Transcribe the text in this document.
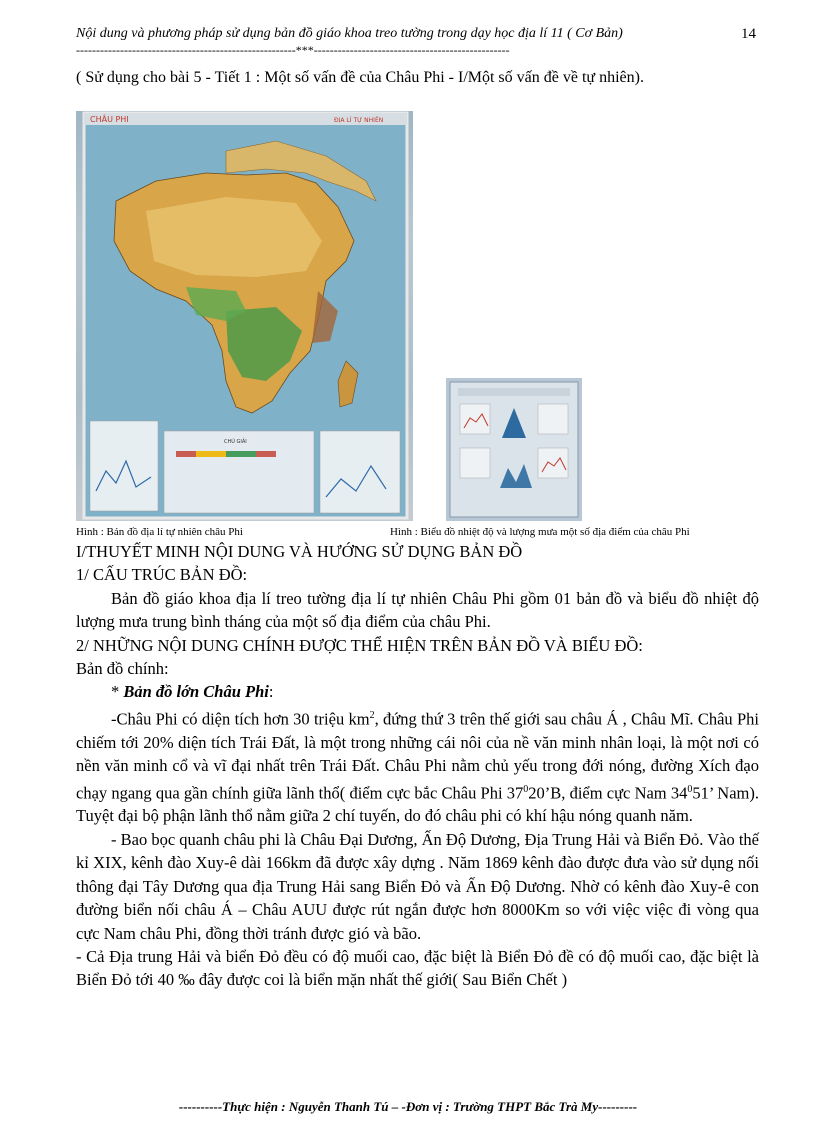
Nội dung và phương pháp sử dụng bản đồ giáo khoa treo tường trong dạy học địa lí 11 ( Cơ Bản)	14
-------------------------------------------------------***-------------------------------------------------
( Sử dụng cho bài 5 - Tiết 1 : Một số vấn đề của Châu Phi - I/Một số vấn đề về tự nhiên).
CHÂU PHI	ĐỊA LÍ TỰ NHIÊN
CHÚ GIẢI
Hình : Bản đồ địa lí tự nhiên châu Phi	Hình : Biểu đồ nhiệt độ và lượng mưa một số địa điểm của châu Phi

I/THUYẾT MINH NỘI DUNG VÀ HƯỚNG SỬ DỤNG BẢN ĐỒ

1/ CẤU TRÚC BẢN ĐỒ:

Bản đồ giáo khoa địa lí treo tường địa lí tự nhiên Châu Phi gồm 01 bản đồ và biểu đồ nhiệt độ lượng mưa trung bình tháng của một số địa điểm của châu Phi.

2/ NHỮNG NỘI DUNG CHÍNH ĐƯỢC THỂ HIỆN TRÊN BẢN ĐỒ VÀ BIỂU ĐỒ:

Bản đồ chính:

* Bản đồ lớn Châu Phi:

-Châu Phi có diện tích hơn 30 triệu $km^2$, đứng thứ 3 trên thế giới sau châu Á , Châu Mĩ. Châu Phi chiếm tới 20% diện tích Trái Đất, là một trong những cái nôi của nề văn minh nhân loại, là một nơi có nền văn minh cổ và vĩ đại nhất trên Trái Đất. Châu Phi nằm chủ yếu trong đới nóng, đường Xích đạo chạy ngang qua gần chính giữa lãnh thổ( điểm cực bắc Châu Phi $37^020’B$, điểm cực Nam $34^051$’ Nam). Tuyệt đại bộ phận lãnh thổ nằm giữa 2 chí tuyến, do đó châu phi có khí hậu nóng quanh năm.

- Bao bọc quanh châu phi là Châu Đại Dương, Ấn Độ Dương, Địa Trung Hải và Biển Đỏ. Vào thế kỉ XIX, kênh đào Xuy-ê dài 166km đã được xây dựng . Năm 1869 kênh đào được đưa vào sử dụng nối thông đại Tây Dương qua địa Trung Hải sang Biển Đỏ và Ấn Độ Dương. Nhờ có kênh đào Xuy-ê con đường biển nối châu Á – Châu AUU được rút ngắn được hơn 8000Km so với việc việc đi vòng qua cực Nam châu Phi, đồng thời tránh được gió và bão.

- Cả Địa trung Hải và biển Đỏ đều có độ muối cao, đặc biệt là Biển Đỏ đề có độ muối cao, đặc biệt là Biển Đỏ tới 40 ‰ đây được coi là biển mặn nhất thế giới( Sau Biển Chết )

----------Thực hiện : Nguyễn Thanh Tú – -Đơn vị : Trường THPT Bắc Trà My---------
